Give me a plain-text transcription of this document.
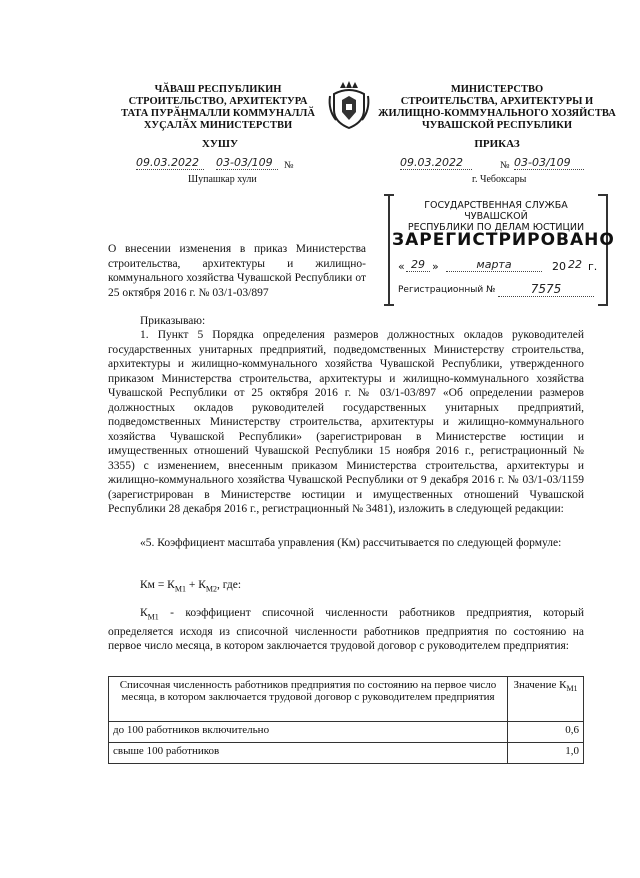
ЧӐВАШ РЕСПУБЛИКИН
СТРОИТЕЛЬСТВО, АРХИТЕКТУРА
ТАТА ПУРӐНМАЛЛИ КОММУНАЛЛӐ
ХУҪАЛӐХ МИНИСТЕРСТВИ
МИНИСТЕРСТВО
СТРОИТЕЛЬСТВА, АРХИТЕКТУРЫ И
ЖИЛИЩНО-КОММУНАЛЬНОГО ХОЗЯЙСТВА
ЧУВАШСКОЙ РЕСПУБЛИКИ
ХУШУ	ПРИКАЗ
09.03.2022	03-03/109	№
Шупашкар хули
09.03.2022	№ 03-03/109
г. Чебоксары
ГОСУДАРСТВЕННАЯ СЛУЖБА ЧУВАШСКОЙ
РЕСПУБЛИКИ ПО ДЕЛАМ ЮСТИЦИИ
ЗАРЕГИСТРИРОВАНО
« 29 »	марта	20 22 г.
Регистрационный №	7575
О внесении изменения в приказ Министерства строительства, архитектуры и жилищно-коммунального хозяйства Чувашской Республики от 25 октября 2016 г. № 03/1-03/897
Приказываю:
1. Пункт 5 Порядка определения размеров должностных окладов руководителей государственных унитарных предприятий, подведомственных Министерству строительства, архитектуры и жилищно-коммунального хозяйства Чувашской Республики, утвержденного приказом Министерства строительства, архитектуры и жилищно-коммунального хозяйства Чувашской Республики от 25 октября 2016 г. № 03/1-03/897 «Об определении размеров должностных окладов руководителей государственных унитарных предприятий, подведомственных Министерству строительства, архитектуры и жилищно-коммунального хозяйства Чувашской Республики» (зарегистрирован в Министерстве юстиции и имущественных отношений Чувашской Республики 15 ноября 2016 г., регистрационный № 3355) с изменением, внесенным приказом Министерства строительства, архитектуры и жилищно-коммунального хозяйства Чувашской Республики от 9 декабря 2016 г. № 03/1-03/1159 (зарегистрирован в Министерстве юстиции и имущественных отношений Чувашской Республики 28 декабря 2016 г., регистрационный № 3481), изложить в следующей редакции:
«5. Коэффициент масштаба управления (Км) рассчитывается по следующей формуле:
Км = $К_{М1} + К_{М2}$, где:
$К_{М1}$ - коэффициент списочной численности работников предприятия, который определяется исходя из списочной численности работников предприятия по состоянию на первое число месяца, в котором заключается трудовой договор с руководителем предприятия:
Списочная численность работников предприятия по состоянию на первое число месяца, в котором заключается трудовой договор с руководителем предприятия	Значение $К_{М1}$
до 100 работников включительно	0,6
свыше 100 работников	1,0
